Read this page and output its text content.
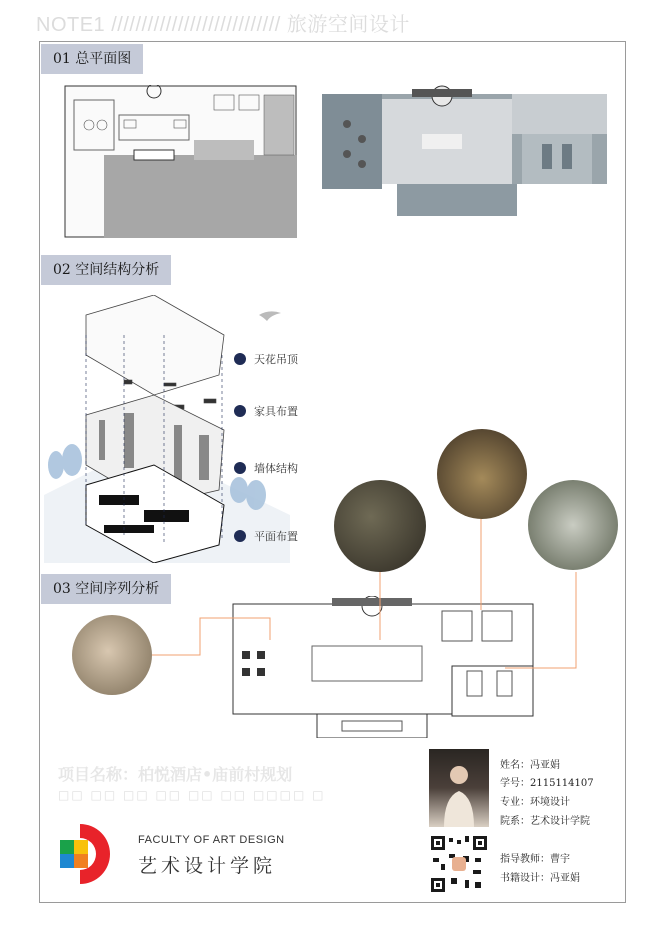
NOTE1 //////////////////////////// 旅游空间设计
01 总平面图
02 空间结构分析
天花吊顶
家具布置
墙体结构
平面布置
03 空间序列分析
项目名称：柏悦酒店•庙前村规划
□□ □□ □□ □□ □□ □□ □□□□ □
FACULTY OF ART DESIGN
艺术设计学院
姓名：冯亚娟
学号：2115114107
专业：环境设计
院系：艺术设计学院
指导教师：曹宇
书籍设计：冯亚娟
